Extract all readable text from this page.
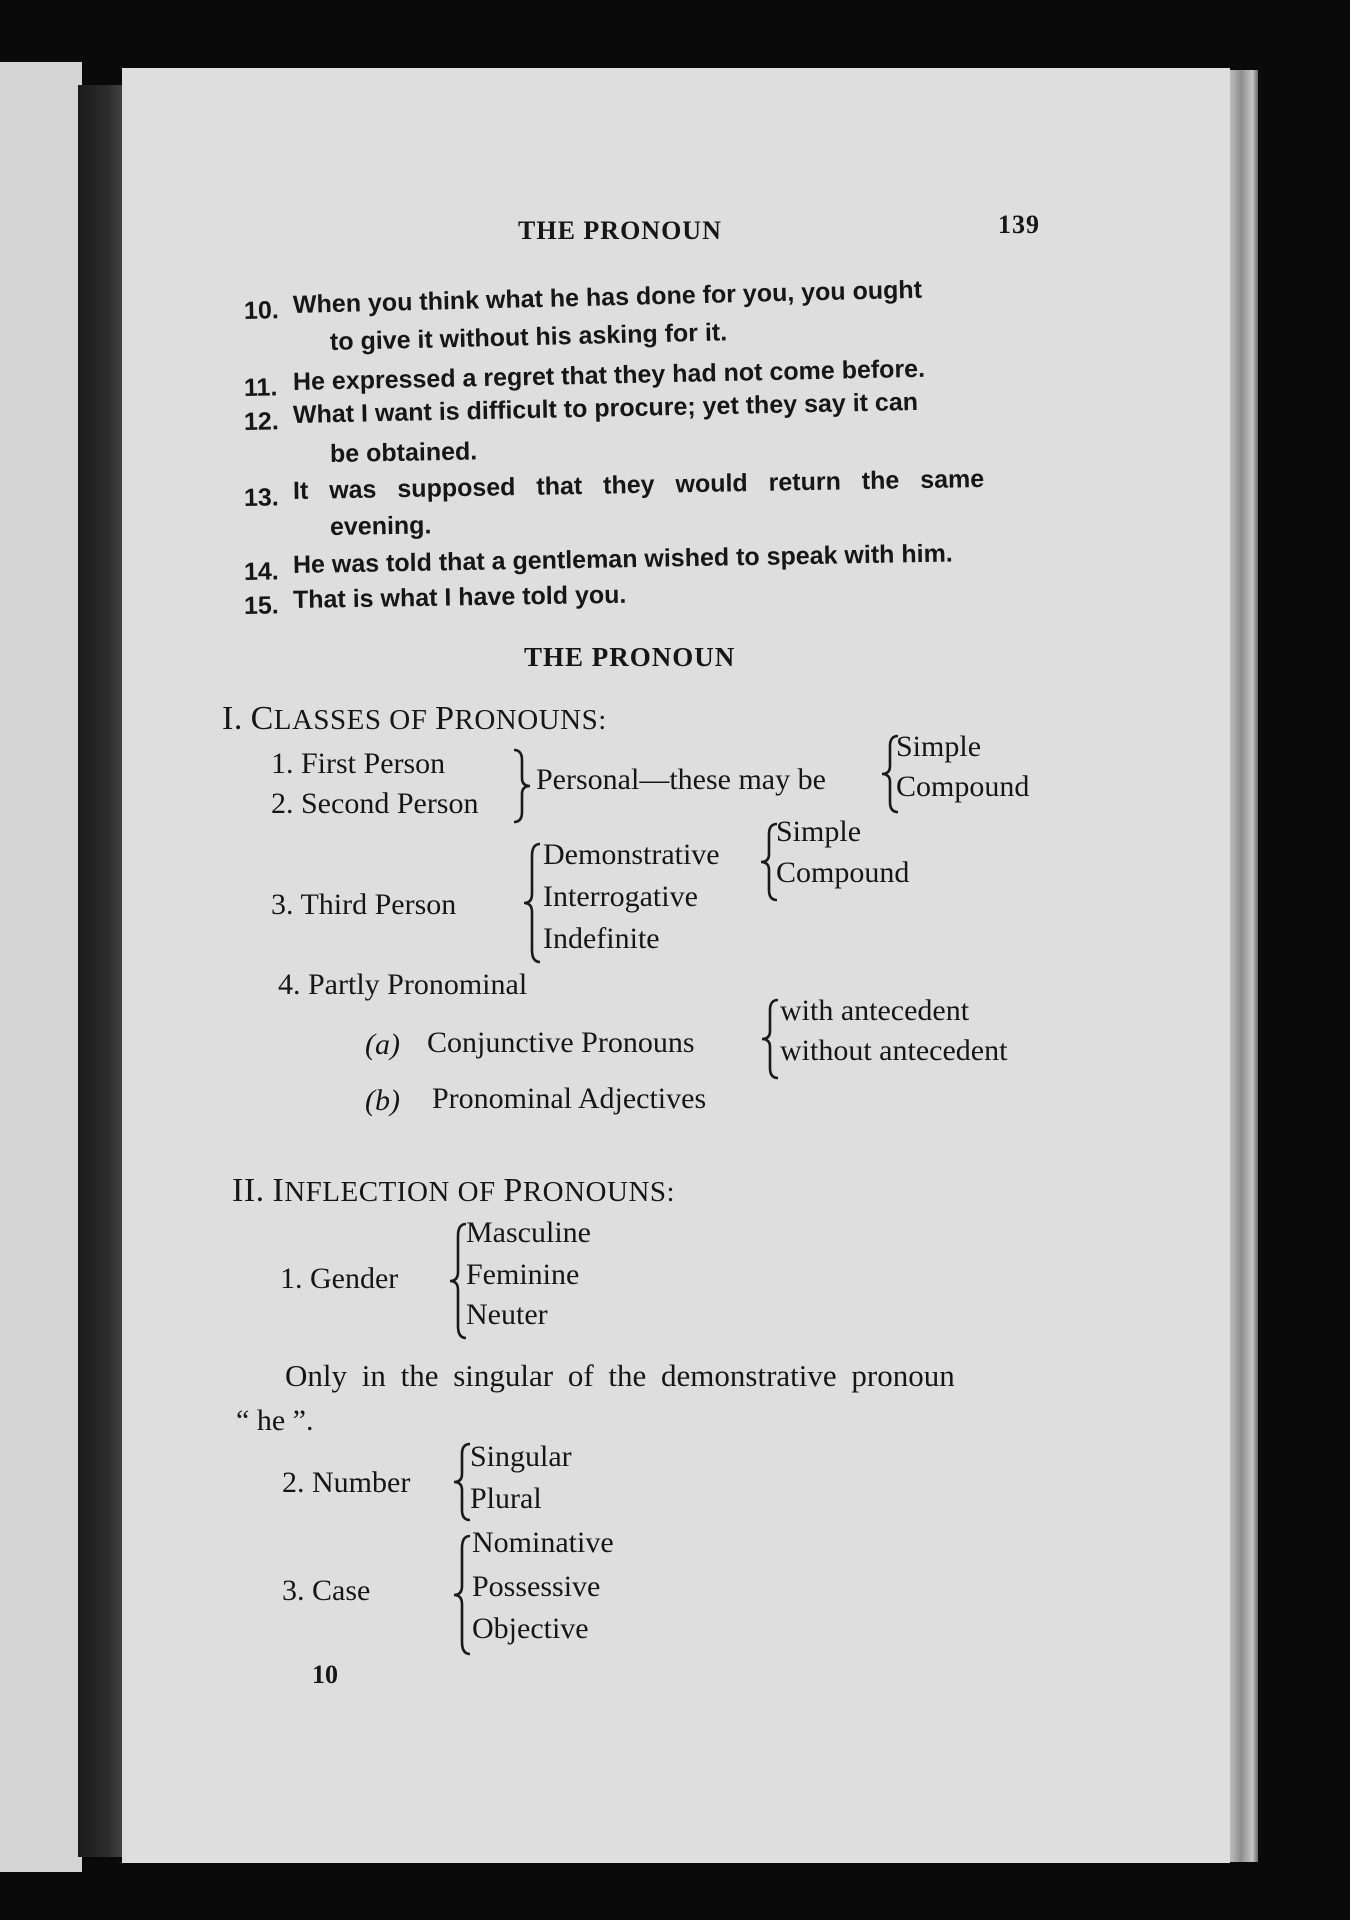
THE PRONOUN	139
10. When you think what he has done for you, you ought
to give it without his asking for it.
11. He expressed a regret that they had not come before.
12. What I want is difficult to procure; yet they say it can
be obtained.
13. It was supposed that they would return the same
evening.
14. He was told that a gentleman wished to speak with him.
15. That is what I have told you.
THE PRONOUN
I. CLASSES OF PRONOUNS:
1. First Person
2. Second Person
Personal—these may be
Simple
Compound
Demonstrative
Interrogative
Indefinite
3. Third Person
Simple
Compound
4. Partly Pronominal
(a) Conjunctive Pronouns
with antecedent
without antecedent
(b) Pronominal Adjectives
II. INFLECTION OF PRONOUNS:
1. Gender
Masculine
Feminine
Neuter
Only in the singular of the demonstrative pronoun
“ he ”.
2. Number
Singular
Plural
3. Case
Nominative
Possessive
Objective
10
